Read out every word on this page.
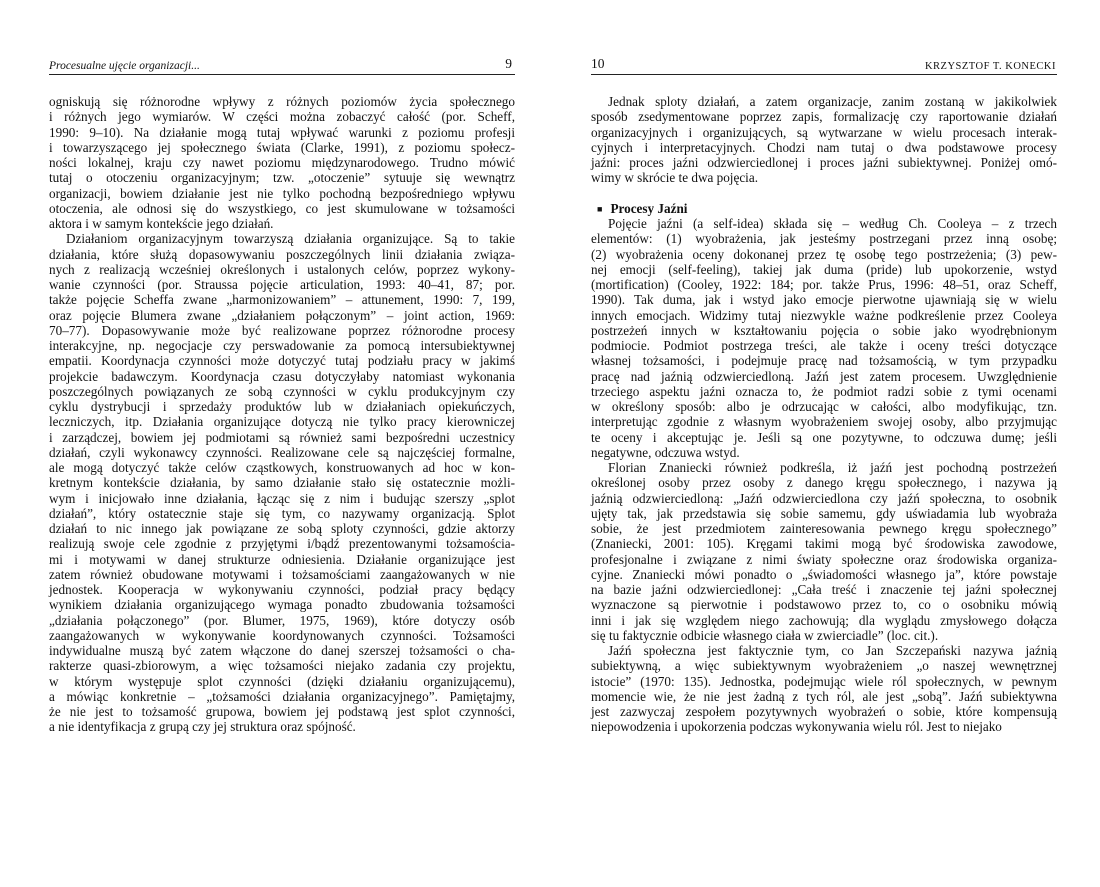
Procesualne ujęcie organizacji...	9
ogniskują się różnorodne wpływy z różnych poziomów życia społecznego
i różnych jego wymiarów. W części można zobaczyć całość (por. Scheff,
1990: 9–10). Na działanie mogą tutaj wpływać warunki z poziomu profesji
i towarzyszącego jej społecznego świata (Clarke, 1991), z poziomu społecz-
ności lokalnej, kraju czy nawet poziomu międzynarodowego. Trudno mówić
tutaj o otoczeniu organizacyjnym; tzw. „otoczenie” sytuuje się wewnątrz
organizacji, bowiem działanie jest nie tylko pochodną bezpośredniego wpływu
otoczenia, ale odnosi się do wszystkiego, co jest skumulowane w tożsamości
aktora i w samym kontekście jego działań.
Działaniom organizacyjnym towarzyszą działania organizujące. Są to takie
działania, które służą dopasowywaniu poszczególnych linii działania związa-
nych z realizacją wcześniej określonych i ustalonych celów, poprzez wykony-
wanie czynności (por. Straussa pojęcie articulation, 1993: 40–41, 87; por.
także pojęcie Scheffa zwane „harmonizowaniem” – attunement, 1990: 7, 199,
oraz pojęcie Blumera zwane „działaniem połączonym” – joint action, 1969:
70–77). Dopasowywanie może być realizowane poprzez różnorodne procesy
interakcyjne, np. negocjacje czy perswadowanie za pomocą intersubiektywnej
empatii. Koordynacja czynności może dotyczyć tutaj podziału pracy w jakimś
projekcie badawczym. Koordynacja czasu dotyczyłaby natomiast wykonania
poszczególnych powiązanych ze sobą czynności w cyklu produkcyjnym czy
cyklu dystrybucji i sprzedaży produktów lub w działaniach opiekuńczych,
leczniczych, itp. Działania organizujące dotyczą nie tylko pracy kierowniczej
i zarządczej, bowiem jej podmiotami są również sami bezpośredni uczestnicy
działań, czyli wykonawcy czynności. Realizowane cele są najczęściej formalne,
ale mogą dotyczyć także celów cząstkowych, konstruowanych ad hoc w kon-
kretnym kontekście działania, by samo działanie stało się ostatecznie możli-
wym i inicjowało inne działania, łącząc się z nim i budując szerszy „splot
działań”, który ostatecznie staje się tym, co nazywamy organizacją. Splot
działań to nic innego jak powiązane ze sobą sploty czynności, gdzie aktorzy
realizują swoje cele zgodnie z przyjętymi i/bądź prezentowanymi tożsamościa-
mi i motywami w danej strukturze odniesienia. Działanie organizujące jest
zatem również obudowane motywami i tożsamościami zaangażowanych w nie
jednostek. Kooperacja w wykonywaniu czynności, podział pracy będący
wynikiem działania organizującego wymaga ponadto zbudowania tożsamości
„działania połączonego” (por. Blumer, 1975, 1969), które dotyczy osób
zaangażowanych w wykonywanie koordynowanych czynności. Tożsamości
indywidualne muszą być zatem włączone do danej szerszej tożsamości o cha-
rakterze quasi-zbiorowym, a więc tożsamości niejako zadania czy projektu,
w którym występuje splot czynności (dzięki działaniu organizującemu),
a mówiąc konkretnie – „tożsamości działania organizacyjnego”. Pamiętajmy,
że nie jest to tożsamość grupowa, bowiem jej podstawą jest splot czynności,
a nie identyfikacja z grupą czy jej struktura oraz spójność.
10	KRZYSZTOF T. KONECKI
Jednak sploty działań, a zatem organizacje, zanim zostaną w jakikolwiek
sposób zsedymentowane poprzez zapis, formalizację czy raportowanie działań
organizacyjnych i organizujących, są wytwarzane w wielu procesach interak-
cyjnych i interpretacyjnych. Chodzi nam tutaj o dwa podstawowe procesy
jaźni: proces jaźni odzwierciedlonej i proces jaźni subiektywnej. Poniżej omó-
wimy w skrócie te dwa pojęcia.
■ Procesy Jaźni
Pojęcie jaźni (a self-idea) składa się – według Ch. Cooleya – z trzech
elementów: (1) wyobrażenia, jak jesteśmy postrzegani przez inną osobę;
(2) wyobrażenia oceny dokonanej przez tę osobę tego postrzeżenia; (3) pew-
nej emocji (self-feeling), takiej jak duma (pride) lub upokorzenie, wstyd
(mortification) (Cooley, 1922: 184; por. także Prus, 1996: 48–51, oraz Scheff,
1990). Tak duma, jak i wstyd jako emocje pierwotne ujawniają się w wielu
innych emocjach. Widzimy tutaj niezwykle ważne podkreślenie przez Cooleya
postrzeżeń innych w kształtowaniu pojęcia o sobie jako wyodrębnionym
podmiocie. Podmiot postrzega treści, ale także i oceny treści dotyczące
własnej tożsamości, i podejmuje pracę nad tożsamością, w tym przypadku
pracę nad jaźnią odzwierciedloną. Jaźń jest zatem procesem. Uwzględnienie
trzeciego aspektu jaźni oznacza to, że podmiot radzi sobie z tymi ocenami
w określony sposób: albo je odrzucając w całości, albo modyfikując, tzn.
interpretując zgodnie z własnym wyobrażeniem swojej osoby, albo przyjmując
te oceny i akceptując je. Jeśli są one pozytywne, to odczuwa dumę; jeśli
negatywne, odczuwa wstyd.
Florian Znaniecki również podkreśla, iż jaźń jest pochodną postrzeżeń
określonej osoby przez osoby z danego kręgu społecznego, i nazywa ją
jaźnią odzwierciedloną: „Jaźń odzwierciedlona czy jaźń społeczna, to osobnik
ujęty tak, jak przedstawia się sobie samemu, gdy uświadamia lub wyobraża
sobie, że jest przedmiotem zainteresowania pewnego kręgu społecznego”
(Znaniecki, 2001: 105). Kręgami takimi mogą być środowiska zawodowe,
profesjonalne i związane z nimi światy społeczne oraz środowiska organiza-
cyjne. Znaniecki mówi ponadto o „świadomości własnego ja”, które powstaje
na bazie jaźni odzwierciedlonej: „Cała treść i znaczenie tej jaźni społecznej
wyznaczone są pierwotnie i podstawowo przez to, co o osobniku mówią
inni i jak się względem niego zachowują; dla wyglądu zmysłowego dołącza
się tu faktycznie odbicie własnego ciała w zwierciadle” (loc. cit.).
Jaźń społeczna jest faktycznie tym, co Jan Szczepański nazywa jaźnią
subiektywną, a więc subiektywnym wyobrażeniem „o naszej wewnętrznej
istocie” (1970: 135). Jednostka, podejmując wiele ról społecznych, w pewnym
momencie wie, że nie jest żadną z tych ról, ale jest „sobą”. Jaźń subiektywna
jest zazwyczaj zespołem pozytywnych wyobrażeń o sobie, które kompensują
niepowodzenia i upokorzenia podczas wykonywania wielu ról. Jest to niejako
